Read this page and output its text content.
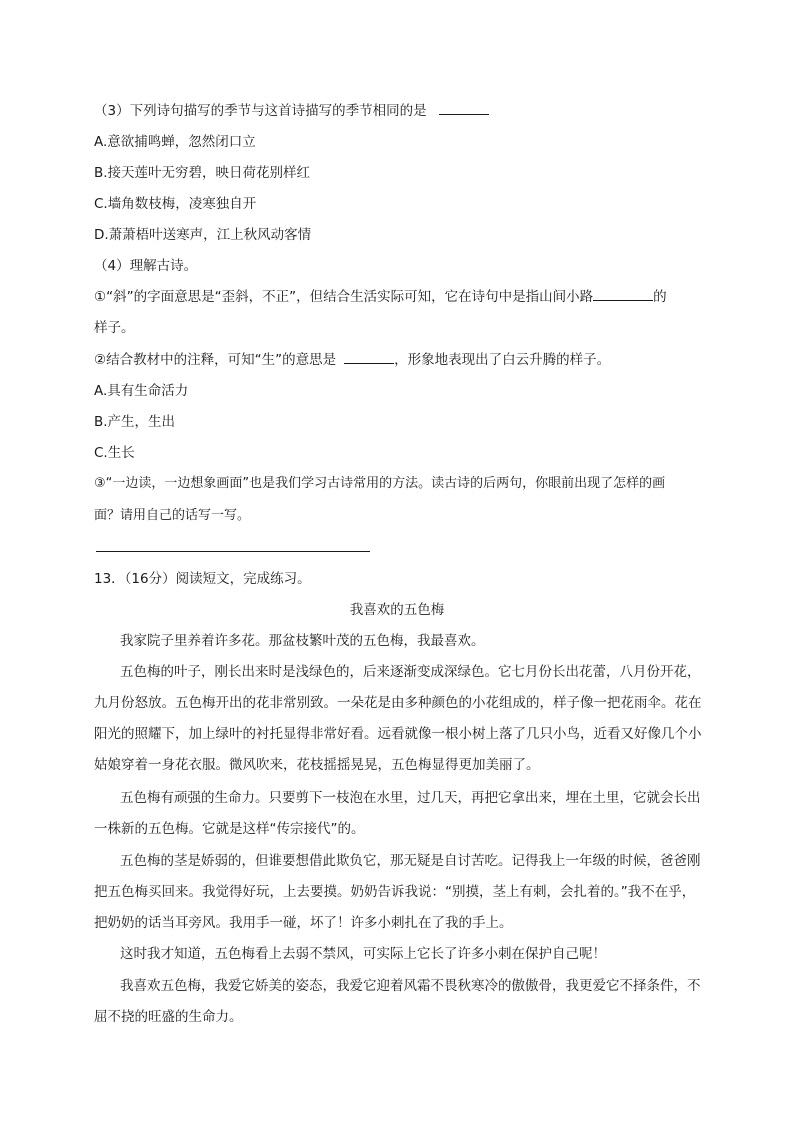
（3）下列诗句描写的季节与这首诗描写的季节相同的是
A.意欲捕鸣蝉，忽然闭口立
B.接天莲叶无穷碧，映日荷花别样红
C.墙角数枝梅，凌寒独自开
D.萧萧梧叶送寒声，江上秋风动客情
（4）理解古诗。
①“斜”的字面意思是“歪斜，不正”，但结合生活实际可知，它在诗句中是指山间小路	的
样子。
②结合教材中的注释，可知“生”的意思是	，形象地表现出了白云升腾的样子。
A.具有生命活力
B.产生，生出
C.生长
③“一边读，一边想象画面”也是我们学习古诗常用的方法。读古诗的后两句，你眼前出现了怎样的画
面？请用自己的话写一写。
13．（16分）阅读短文，完成练习。
我喜欢的五色梅
我家院子里养着许多花。那盆枝繁叶茂的五色梅，我最喜欢。
五色梅的叶子，刚长出来时是浅绿色的，后来逐渐变成深绿色。它七月份长出花蕾，八月份开花，
九月份怒放。五色梅开出的花非常别致。一朵花是由多种颜色的小花组成的，样子像一把花雨伞。花在
阳光的照耀下，加上绿叶的衬托显得非常好看。远看就像一根小树上落了几只小鸟，近看又好像几个小
姑娘穿着一身花衣服。微风吹来，花枝摇摇晃晃，五色梅显得更加美丽了。
五色梅有顽强的生命力。只要剪下一枝泡在水里，过几天，再把它拿出来，埋在土里，它就会长出
一株新的五色梅。它就是这样“传宗接代”的。
五色梅的茎是娇弱的，但谁要想借此欺负它，那无疑是自讨苦吃。记得我上一年级的时候，爸爸刚
把五色梅买回来。我觉得好玩，上去要摸。奶奶告诉我说：“别摸，茎上有刺，会扎着的。”我不在乎，
把奶奶的话当耳旁风。我用手一碰，坏了！许多小刺扎在了我的手上。
这时我才知道，五色梅看上去弱不禁风，可实际上它长了许多小刺在保护自己呢！
我喜欢五色梅，我爱它娇美的姿态，我爱它迎着风霜不畏秋寒冷的傲傲骨，我更爱它不择条件，不
屈不挠的旺盛的生命力。
